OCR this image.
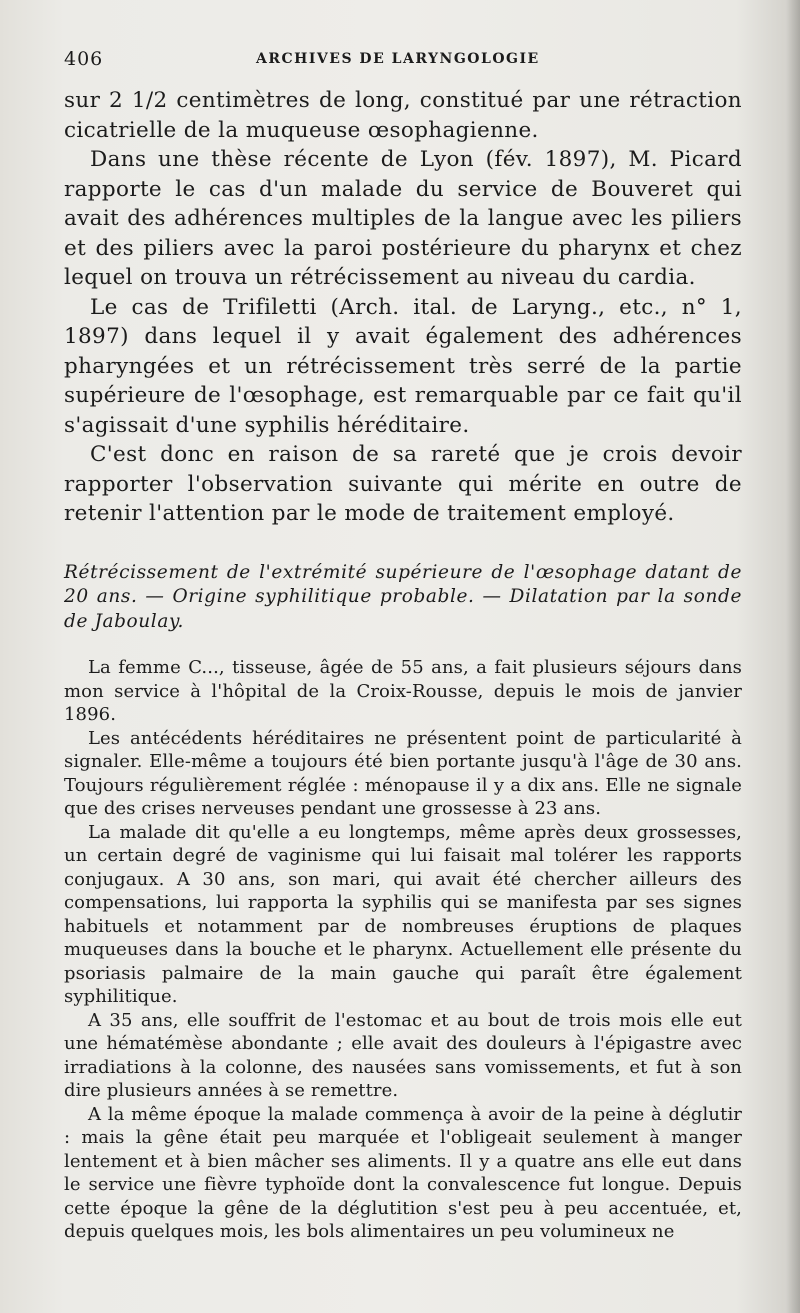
406	ARCHIVES DE LARYNGOLOGIE

sur 2 1/2 centimètres de long, constitué par une rétraction cicatrielle de la muqueuse œsophagienne.

Dans une thèse récente de Lyon (fév. 1897), M. Picard rapporte le cas d'un malade du service de Bouveret qui avait des adhérences multiples de la langue avec les piliers et des piliers avec la paroi postérieure du pharynx et chez lequel on trouva un rétrécissement au niveau du cardia.

Le cas de Trifiletti (Arch. ital. de Laryng., etc., n° 1, 1897) dans lequel il y avait également des adhérences pharyngées et un rétrécissement très serré de la partie supérieure de l'œsophage, est remarquable par ce fait qu'il s'agissait d'une syphilis héréditaire.

C'est donc en raison de sa rareté que je crois devoir rapporter l'observation suivante qui mérite en outre de retenir l'attention par le mode de traitement employé.

Rétrécissement de l'extrémité supérieure de l'œsophage datant de 20 ans. — Origine syphilitique probable. — Dilatation par la sonde de Jaboulay.

La femme C..., tisseuse, âgée de 55 ans, a fait plusieurs séjours dans mon service à l'hôpital de la Croix-Rousse, depuis le mois de janvier 1896.

Les antécédents héréditaires ne présentent point de particularité à signaler. Elle-même a toujours été bien portante jusqu'à l'âge de 30 ans. Toujours régulièrement réglée : ménopause il y a dix ans. Elle ne signale que des crises nerveuses pendant une grossesse à 23 ans.

La malade dit qu'elle a eu longtemps, même après deux grossesses, un certain degré de vaginisme qui lui faisait mal tolérer les rapports conjugaux. A 30 ans, son mari, qui avait été chercher ailleurs des compensations, lui rapporta la syphilis qui se manifesta par ses signes habituels et notamment par de nombreuses éruptions de plaques muqueuses dans la bouche et le pharynx. Actuellement elle présente du psoriasis palmaire de la main gauche qui paraît être également syphilitique.

A 35 ans, elle souffrit de l'estomac et au bout de trois mois elle eut une hématémèse abondante ; elle avait des douleurs à l'épigastre avec irradiations à la colonne, des nausées sans vomissements, et fut à son dire plusieurs années à se remettre.

A la même époque la malade commença à avoir de la peine à déglutir : mais la gêne était peu marquée et l'obligeait seulement à manger lentement et à bien mâcher ses aliments. Il y a quatre ans elle eut dans le service une fièvre typhoïde dont la convalescence fut longue. Depuis cette époque la gêne de la déglutition s'est peu à peu accentuée, et, depuis quelques mois, les bols alimentaires un peu volumineux ne
